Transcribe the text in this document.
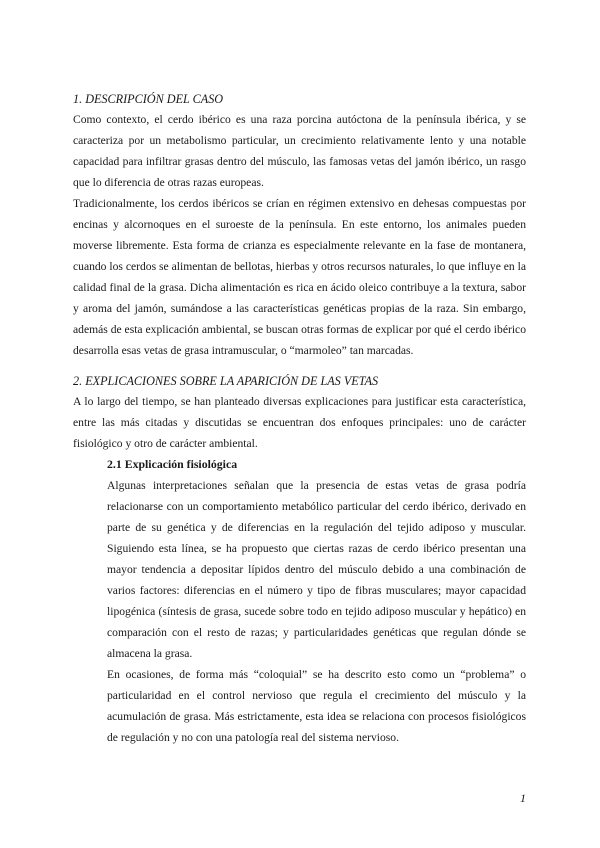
1. DESCRIPCIÓN DEL CASO

Como contexto, el cerdo ibérico es una raza porcina autóctona de la península ibérica, y se caracteriza por un metabolismo particular, un crecimiento relativamente lento y una notable capacidad para infiltrar grasas dentro del músculo, las famosas vetas del jamón ibérico, un rasgo que lo diferencia de otras razas europeas.

Tradicionalmente, los cerdos ibéricos se crían en régimen extensivo en dehesas compuestas por encinas y alcornoques en el suroeste de la península. En este entorno, los animales pueden moverse libremente. Esta forma de crianza es especialmente relevante en la fase de montanera, cuando los cerdos se alimentan de bellotas, hierbas y otros recursos naturales, lo que influye en la calidad final de la grasa. Dicha alimentación es rica en ácido oleico contribuye a la textura, sabor y aroma del jamón, sumándose a las características genéticas propias de la raza. Sin embargo, además de esta explicación ambiental, se buscan otras formas de explicar por qué el cerdo ibérico desarrolla esas vetas de grasa intramuscular, o “marmoleo” tan marcadas.

2. EXPLICACIONES SOBRE LA APARICIÓN DE LAS VETAS

A lo largo del tiempo, se han planteado diversas explicaciones para justificar esta característica, entre las más citadas y discutidas se encuentran dos enfoques principales: uno de carácter fisiológico y otro de carácter ambiental.

2.1 Explicación fisiológica

Algunas interpretaciones señalan que la presencia de estas vetas de grasa podría relacionarse con un comportamiento metabólico particular del cerdo ibérico, derivado en parte de su genética y de diferencias en la regulación del tejido adiposo y muscular. Siguiendo esta línea, se ha propuesto que ciertas razas de cerdo ibérico presentan una mayor tendencia a depositar lípidos dentro del músculo debido a una combinación de varios factores: diferencias en el número y tipo de fibras musculares; mayor capacidad lipogénica (síntesis de grasa, sucede sobre todo en tejido adiposo muscular y hepático) en comparación con el resto de razas; y particularidades genéticas que regulan dónde se almacena la grasa.

En ocasiones, de forma más “coloquial” se ha descrito esto como un “problema” o particularidad en el control nervioso que regula el crecimiento del músculo y la acumulación de grasa. Más estrictamente, esta idea se relaciona con procesos fisiológicos de regulación y no con una patología real del sistema nervioso.

1
